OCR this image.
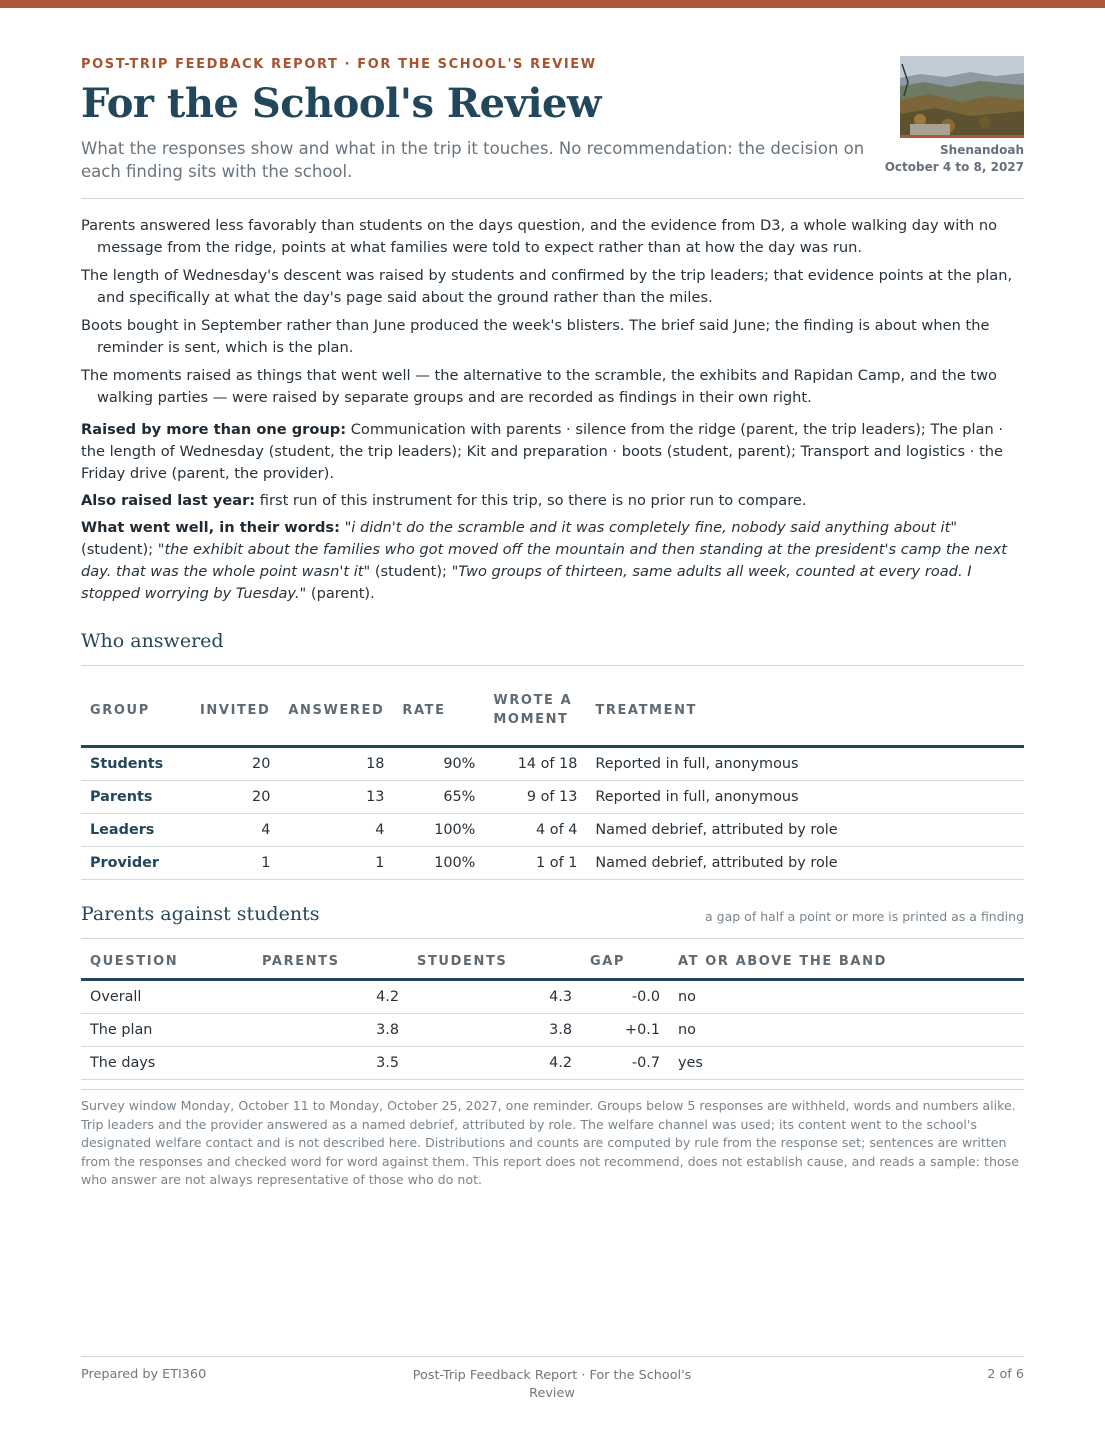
POST-TRIP FEEDBACK REPORT · FOR THE SCHOOL'S REVIEW
For the School's Review

What the responses show and what in the trip it touches. No recommendation: the decision on each finding sits with the school.

Shenandoah
October 4 to 8, 2027

Parents answered less favorably than students on the days question, and the evidence from D3, a whole walking day with no message from the ridge, points at what families were told to expect rather than at how the day was run.

The length of Wednesday's descent was raised by students and confirmed by the trip leaders; that evidence points at the plan, and specifically at what the day's page said about the ground rather than the miles.

Boots bought in September rather than June produced the week's blisters. The brief said June; the finding is about when the reminder is sent, which is the plan.

The moments raised as things that went well — the alternative to the scramble, the exhibits and Rapidan Camp, and the two walking parties — were raised by separate groups and are recorded as findings in their own right.

Raised by more than one group: Communication with parents · silence from the ridge (parent, the trip leaders); The plan · the length of Wednesday (student, the trip leaders); Kit and preparation · boots (student, parent); Transport and logistics · the Friday drive (parent, the provider).

Also raised last year: first run of this instrument for this trip, so there is no prior run to compare.

What went well, in their words: "i didn't do the scramble and it was completely fine, nobody said anything about it" (student); "the exhibit about the families who got moved off the mountain and then standing at the president's camp the next day. that was the whole point wasn't it" (student); "Two groups of thirteen, same adults all week, counted at every road. I stopped worrying by Tuesday." (parent).

Who answered
GROUP	INVITED	ANSWERED	RATE	WROTE A MOMENT	TREATMENT
Students	20	18	90%	14 of 18	Reported in full, anonymous
Parents	20	13	65%	9 of 13	Reported in full, anonymous
Leaders	4	4	100%	4 of 4	Named debrief, attributed by role
Provider	1	1	100%	1 of 1	Named debrief, attributed by role
Parents against students	a gap of half a point or more is printed as a finding
QUESTION	PARENTS	STUDENTS	GAP	AT OR ABOVE THE BAND
Overall	4.2	4.3	-0.0	no
The plan	3.8	3.8	+0.1	no
The days	3.5	4.2	-0.7	yes

Survey window Monday, October 11 to Monday, October 25, 2027, one reminder. Groups below 5 responses are withheld, words and numbers alike. Trip leaders and the provider answered as a named debrief, attributed by role. The welfare channel was used; its content went to the school's designated welfare contact and is not described here. Distributions and counts are computed by rule from the response set; sentences are written from the responses and checked word for word against them. This report does not recommend, does not establish cause, and reads a sample: those who answer are not always representative of those who do not.

Prepared by ETI360	Post-Trip Feedback Report · For the School's Review
2 of 6
